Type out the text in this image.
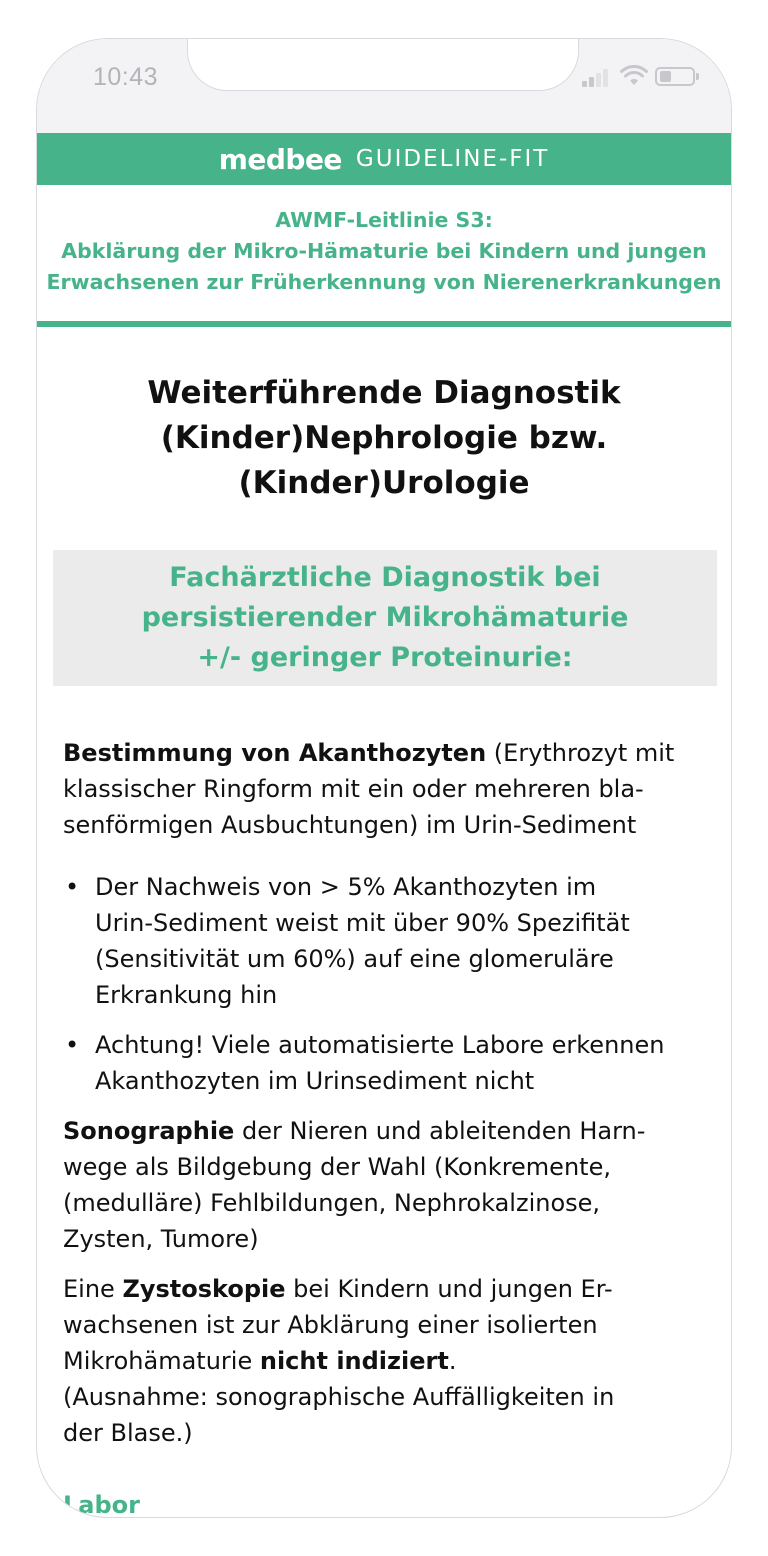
10:43
medbee GUIDELINE-FIT
AWMF-Leitlinie S3:
Abklärung der Mikro-Hämaturie bei Kindern und jungen
Erwachsenen zur Früherkennung von Nierenerkrankungen
Weiterführende Diagnostik
(Kinder)Nephrologie bzw.
(Kinder)Urologie
Fachärztliche Diagnostik bei
persistierender Mikrohämaturie
+/- geringer Proteinurie:

Bestimmung von Akanthozyten (Erythrozyt mit
klassischer Ringform mit ein oder mehreren bla-
senförmigen Ausbuchtungen) im Urin-Sediment

• Der Nachweis von > 5% Akanthozyten im
Urin-Sediment weist mit über 90% Spezifität
(Sensitivität um 60%) auf eine glomeruläre
Erkrankung hin
• Achtung! Viele automatisierte Labore erkennen
Akanthozyten im Urinsediment nicht

Sonographie der Nieren und ableitenden Harn-
wege als Bildgebung der Wahl (Konkremente,
(medulläre) Fehlbildungen, Nephrokalzinose,
Zysten, Tumore)

Eine Zystoskopie bei Kindern und jungen Er-
wachsenen ist zur Abklärung einer isolierten
Mikrohämaturie nicht indiziert.
(Ausnahme: sonographische Auffälligkeiten in
der Blase.)

Labor
